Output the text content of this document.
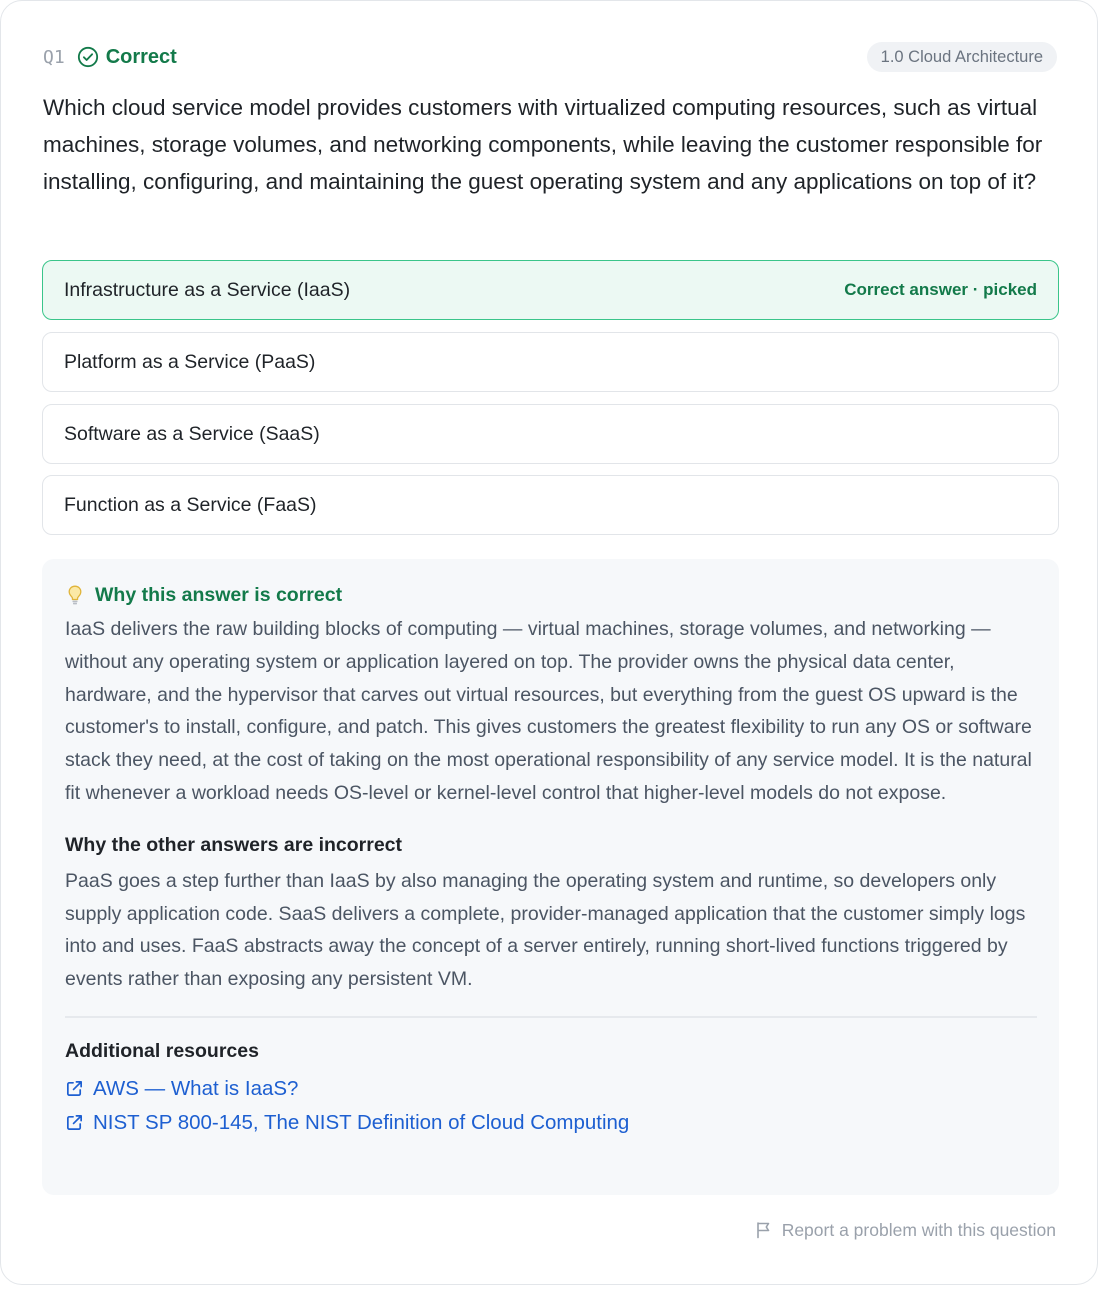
Q1 Correct	1.0 Cloud Architecture

Which cloud service model provides customers with virtualized computing resources, such as virtual machines, storage volumes, and networking components, while leaving the customer responsible for installing, configuring, and maintaining the guest operating system and any applications on top of it?

Infrastructure as a Service (IaaS)	Correct answer · picked
Platform as a Service (PaaS)
Software as a Service (SaaS)
Function as a Service (FaaS)
Why this answer is correct

IaaS delivers the raw building blocks of computing — virtual machines, storage volumes, and networking — without any operating system or application layered on top. The provider owns the physical data center, hardware, and the hypervisor that carves out virtual resources, but everything from the guest OS upward is the customer's to install, configure, and patch. This gives customers the greatest flexibility to run any OS or software stack they need, at the cost of taking on the most operational responsibility of any service model. It is the natural fit whenever a workload needs OS-level or kernel-level control that higher-level models do not expose.

Why the other answers are incorrect

PaaS goes a step further than IaaS by also managing the operating system and runtime, so developers only supply application code. SaaS delivers a complete, provider-managed application that the customer simply logs into and uses. FaaS abstracts away the concept of a server entirely, running short-lived functions triggered by events rather than exposing any persistent VM.

Additional resources
AWS — What is IaaS?
NIST SP 800-145, The NIST Definition of Cloud Computing
Report a problem with this question
